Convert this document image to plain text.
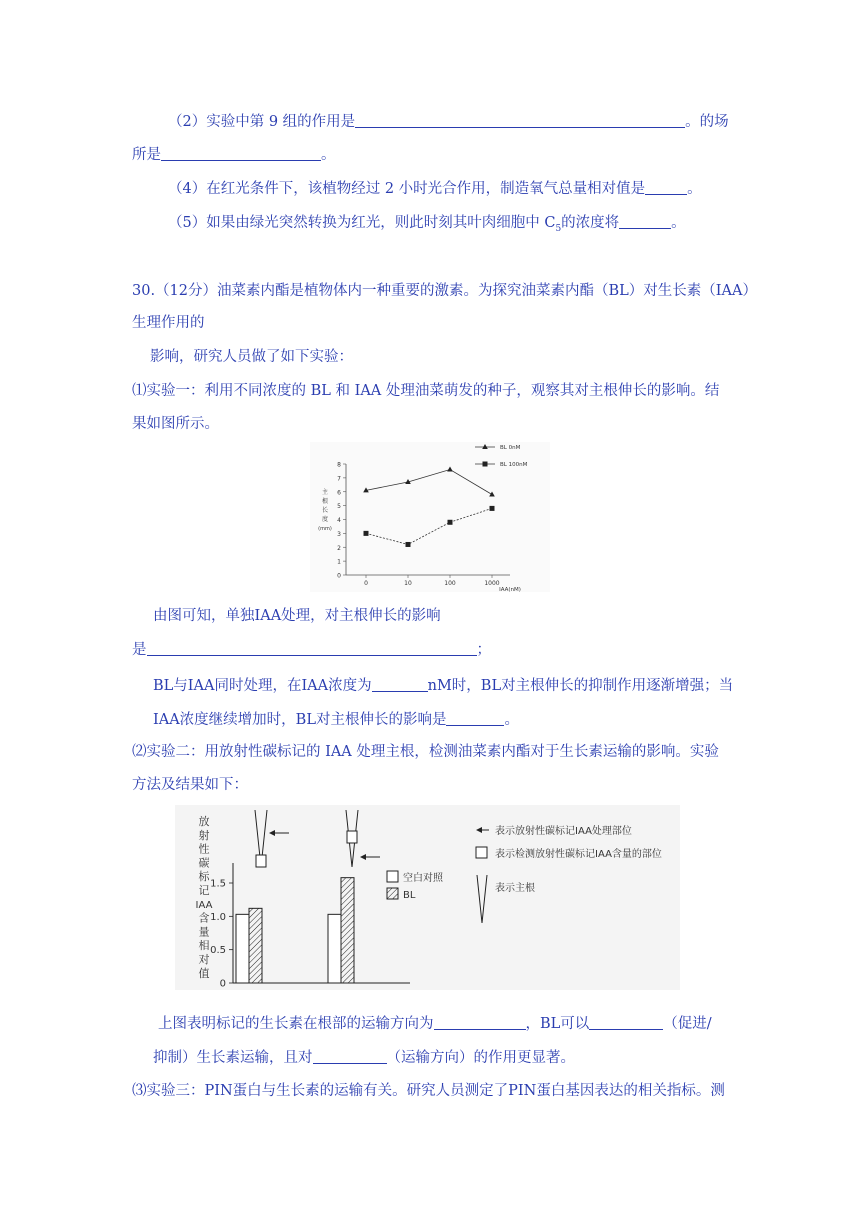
（2）实验中第 9 组的作用是	。的场
所是	。
（4）在红光条件下，该植物经过 2 小时光合作用，制造氧气总量相对值是	。
（5）如果由绿光突然转换为红光，则此时刻其叶肉细胞中 $C_5$的浓度将	。
30.（12分）油菜素内酯是植物体内一种重要的激素。为探究油菜素内酯（BL）对生长素（IAA）
生理作用的
影响，研究人员做了如下实验：
⑴实验一：利用不同浓度的 BL 和 IAA 处理油菜萌发的种子，观察其对主根伸长的影响。结
果如图所示。
0
1
2
3
4
5
6
7
8
0	10	100	1000
IAA(nM)
主
根
长
度
(mm)
BL 0nM
BL 100nM
由图可知，单独IAA处理，对主根伸长的影响
是	；
BL与IAA同时处理，在IAA浓度为	nM时，BL对主根伸长的抑制作用逐渐增强；当
IAA浓度继续增加时，BL对主根伸长的影响是	。
⑵实验二：用放射性碳标记的 IAA 处理主根，检测油菜素内酯对于生长素运输的影响。实验
方法及结果如下：
放
射
性
碳
标
记
IAA
含
量
相
对
值
0
0.5
1.0
1.5	空白对照
BL
表示放射性碳标记IAA处理部位
表示检测放射性碳标记IAA含量的部位
表示主根
上图表明标记的生长素在根部的运输方向为	，BL可以	（促进/
抑制）生长素运输，且对	（运输方向）的作用更显著。
⑶实验三：PIN蛋白与生长素的运输有关。研究人员测定了PIN蛋白基因表达的相关指标。测
